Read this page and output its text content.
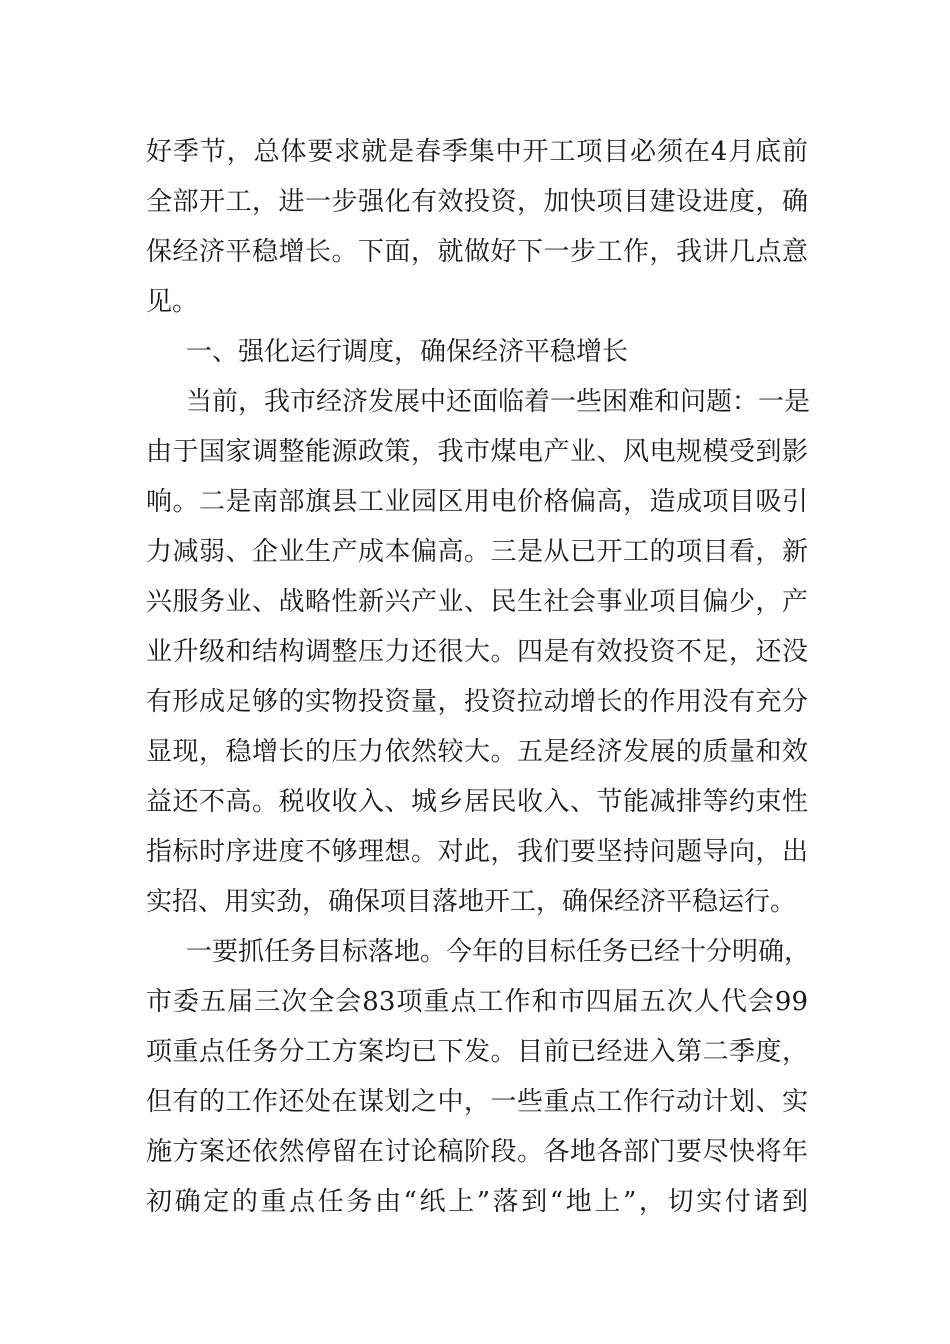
好季节，总体要求就是春季集中开工项目必须在4月底前
全部开工，进一步强化有效投资，加快项目建设进度，确
保经济平稳增长。下面，就做好下一步工作，我讲几点意
见。
一、强化运行调度，确保经济平稳增长
当前，我市经济发展中还面临着一些困难和问题：一是
由于国家调整能源政策，我市煤电产业、风电规模受到影
响。二是南部旗县工业园区用电价格偏高，造成项目吸引
力减弱、企业生产成本偏高。三是从已开工的项目看，新
兴服务业、战略性新兴产业、民生社会事业项目偏少，产
业升级和结构调整压力还很大。四是有效投资不足，还没
有形成足够的实物投资量，投资拉动增长的作用没有充分
显现，稳增长的压力依然较大。五是经济发展的质量和效
益还不高。税收收入、城乡居民收入、节能减排等约束性
指标时序进度不够理想。对此，我们要坚持问题导向，出
实招、用实劲，确保项目落地开工，确保经济平稳运行。
一要抓任务目标落地。今年的目标任务已经十分明确，
市委五届三次全会83项重点工作和市四届五次人代会99
项重点任务分工方案均已下发。目前已经进入第二季度，
但有的工作还处在谋划之中，一些重点工作行动计划、实
施方案还依然停留在讨论稿阶段。各地各部门要尽快将年
初确定的重点任务由“纸上”落到“地上”，切实付诸到
